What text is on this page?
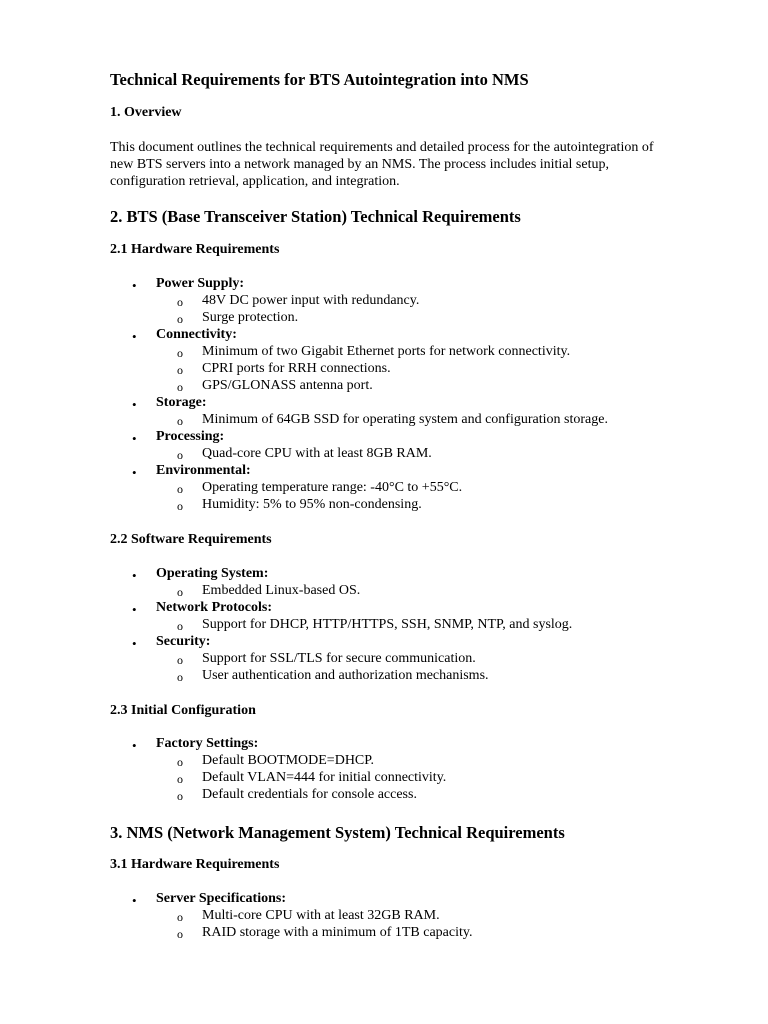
Technical Requirements for BTS Autointegration into NMS
1. Overview
This document outlines the technical requirements and detailed process for the autointegration of
new BTS servers into a network managed by an NMS. The process includes initial setup,
configuration retrieval, application, and integration.
2. BTS (Base Transceiver Station) Technical Requirements
2.1 Hardware Requirements
• Power Supply:
o 48V DC power input with redundancy.
o Surge protection.
• Connectivity:
o Minimum of two Gigabit Ethernet ports for network connectivity.
o CPRI ports for RRH connections.
o GPS/GLONASS antenna port.
• Storage:
o Minimum of 64GB SSD for operating system and configuration storage.
• Processing:
o Quad-core CPU with at least 8GB RAM.
• Environmental:
o Operating temperature range: -40°C to +55°C.
o Humidity: 5% to 95% non-condensing.
2.2 Software Requirements
• Operating System:
o Embedded Linux-based OS.
• Network Protocols:
o Support for DHCP, HTTP/HTTPS, SSH, SNMP, NTP, and syslog.
• Security:
o Support for SSL/TLS for secure communication.
o User authentication and authorization mechanisms.
2.3 Initial Configuration
• Factory Settings:
o Default BOOTMODE=DHCP.
o Default VLAN=444 for initial connectivity.
o Default credentials for console access.
3. NMS (Network Management System) Technical Requirements
3.1 Hardware Requirements
• Server Specifications:
o Multi-core CPU with at least 32GB RAM.
o RAID storage with a minimum of 1TB capacity.
